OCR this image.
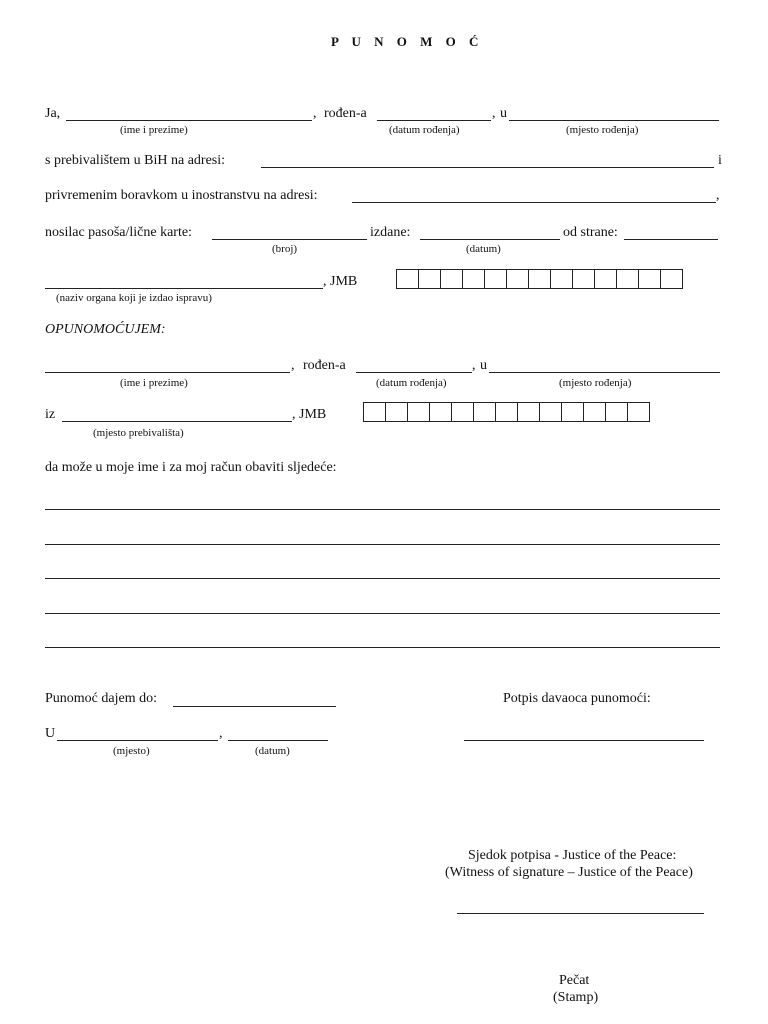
P U N O M O Ć
Ja,	, rođen-a	, u
(ime i prezime)	(datum rođenja)	(mjesto rođenja)
s prebivalištem u BiH na adresi:	i
privremenim boravkom u inostranstvu na adresi:	,
nosilac pasoša/lične karte:	izdane:	od strane:
(broj)	(datum)
, JMB
(naziv organa koji je izdao ispravu)
OPUNOMOĆUJEM:
, rođen-a	, u
(ime i prezime)	(datum rođenja)	(mjesto rođenja)
iz	, JMB
(mjesto prebivališta)
da može u moje ime i za moj račun obaviti sljedeće:
Punomoć dajem do:	Potpis davaoca punomoći:
U	,
(mjesto)	(datum)
Sjedok potpisa - Justice of the Peace:
(Witness of signature – Justice of the Peace)
Pečat
(Stamp)
